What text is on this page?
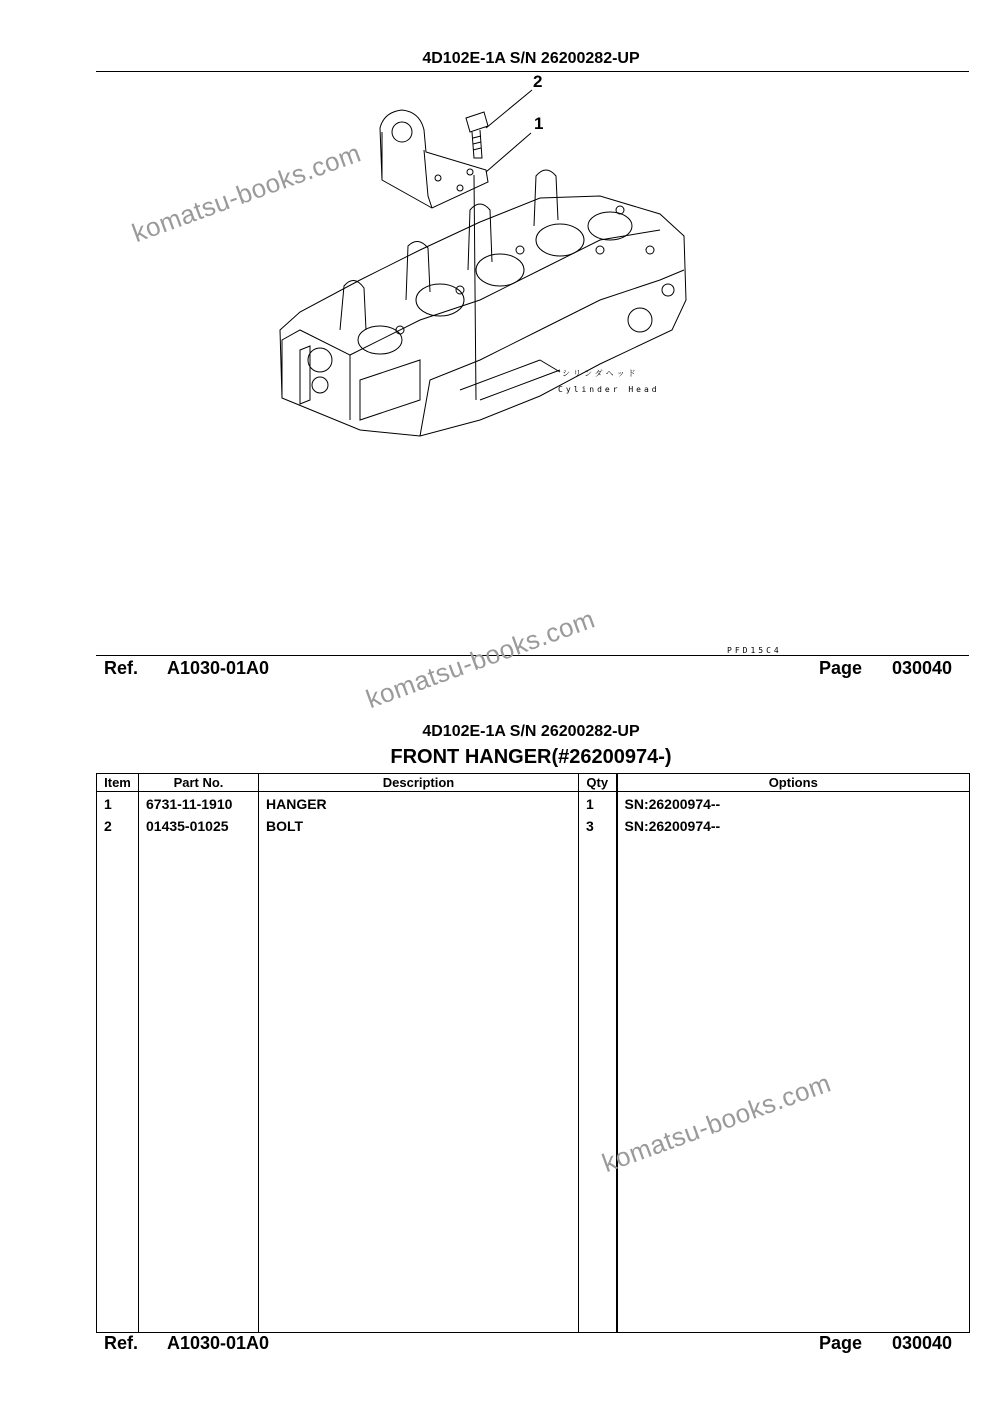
4D102E-1A S/N 26200282-UP
2
1
シリンダヘッド
Cylinder Head
PFD15C4
Ref. A1030-01A0	Page 030040
4D102E-1A S/N 26200282-UP
FRONT HANGER(#26200974-)
Item	Part No.	Description	Qty	Options
1	6731-11-1910	HANGER	1	SN:26200974--
2	01435-01025	BOLT	3	SN:26200974--

Ref. A1030-01A0	Page 030040
komatsu-books.com
komatsu-books.com
komatsu-books.com
